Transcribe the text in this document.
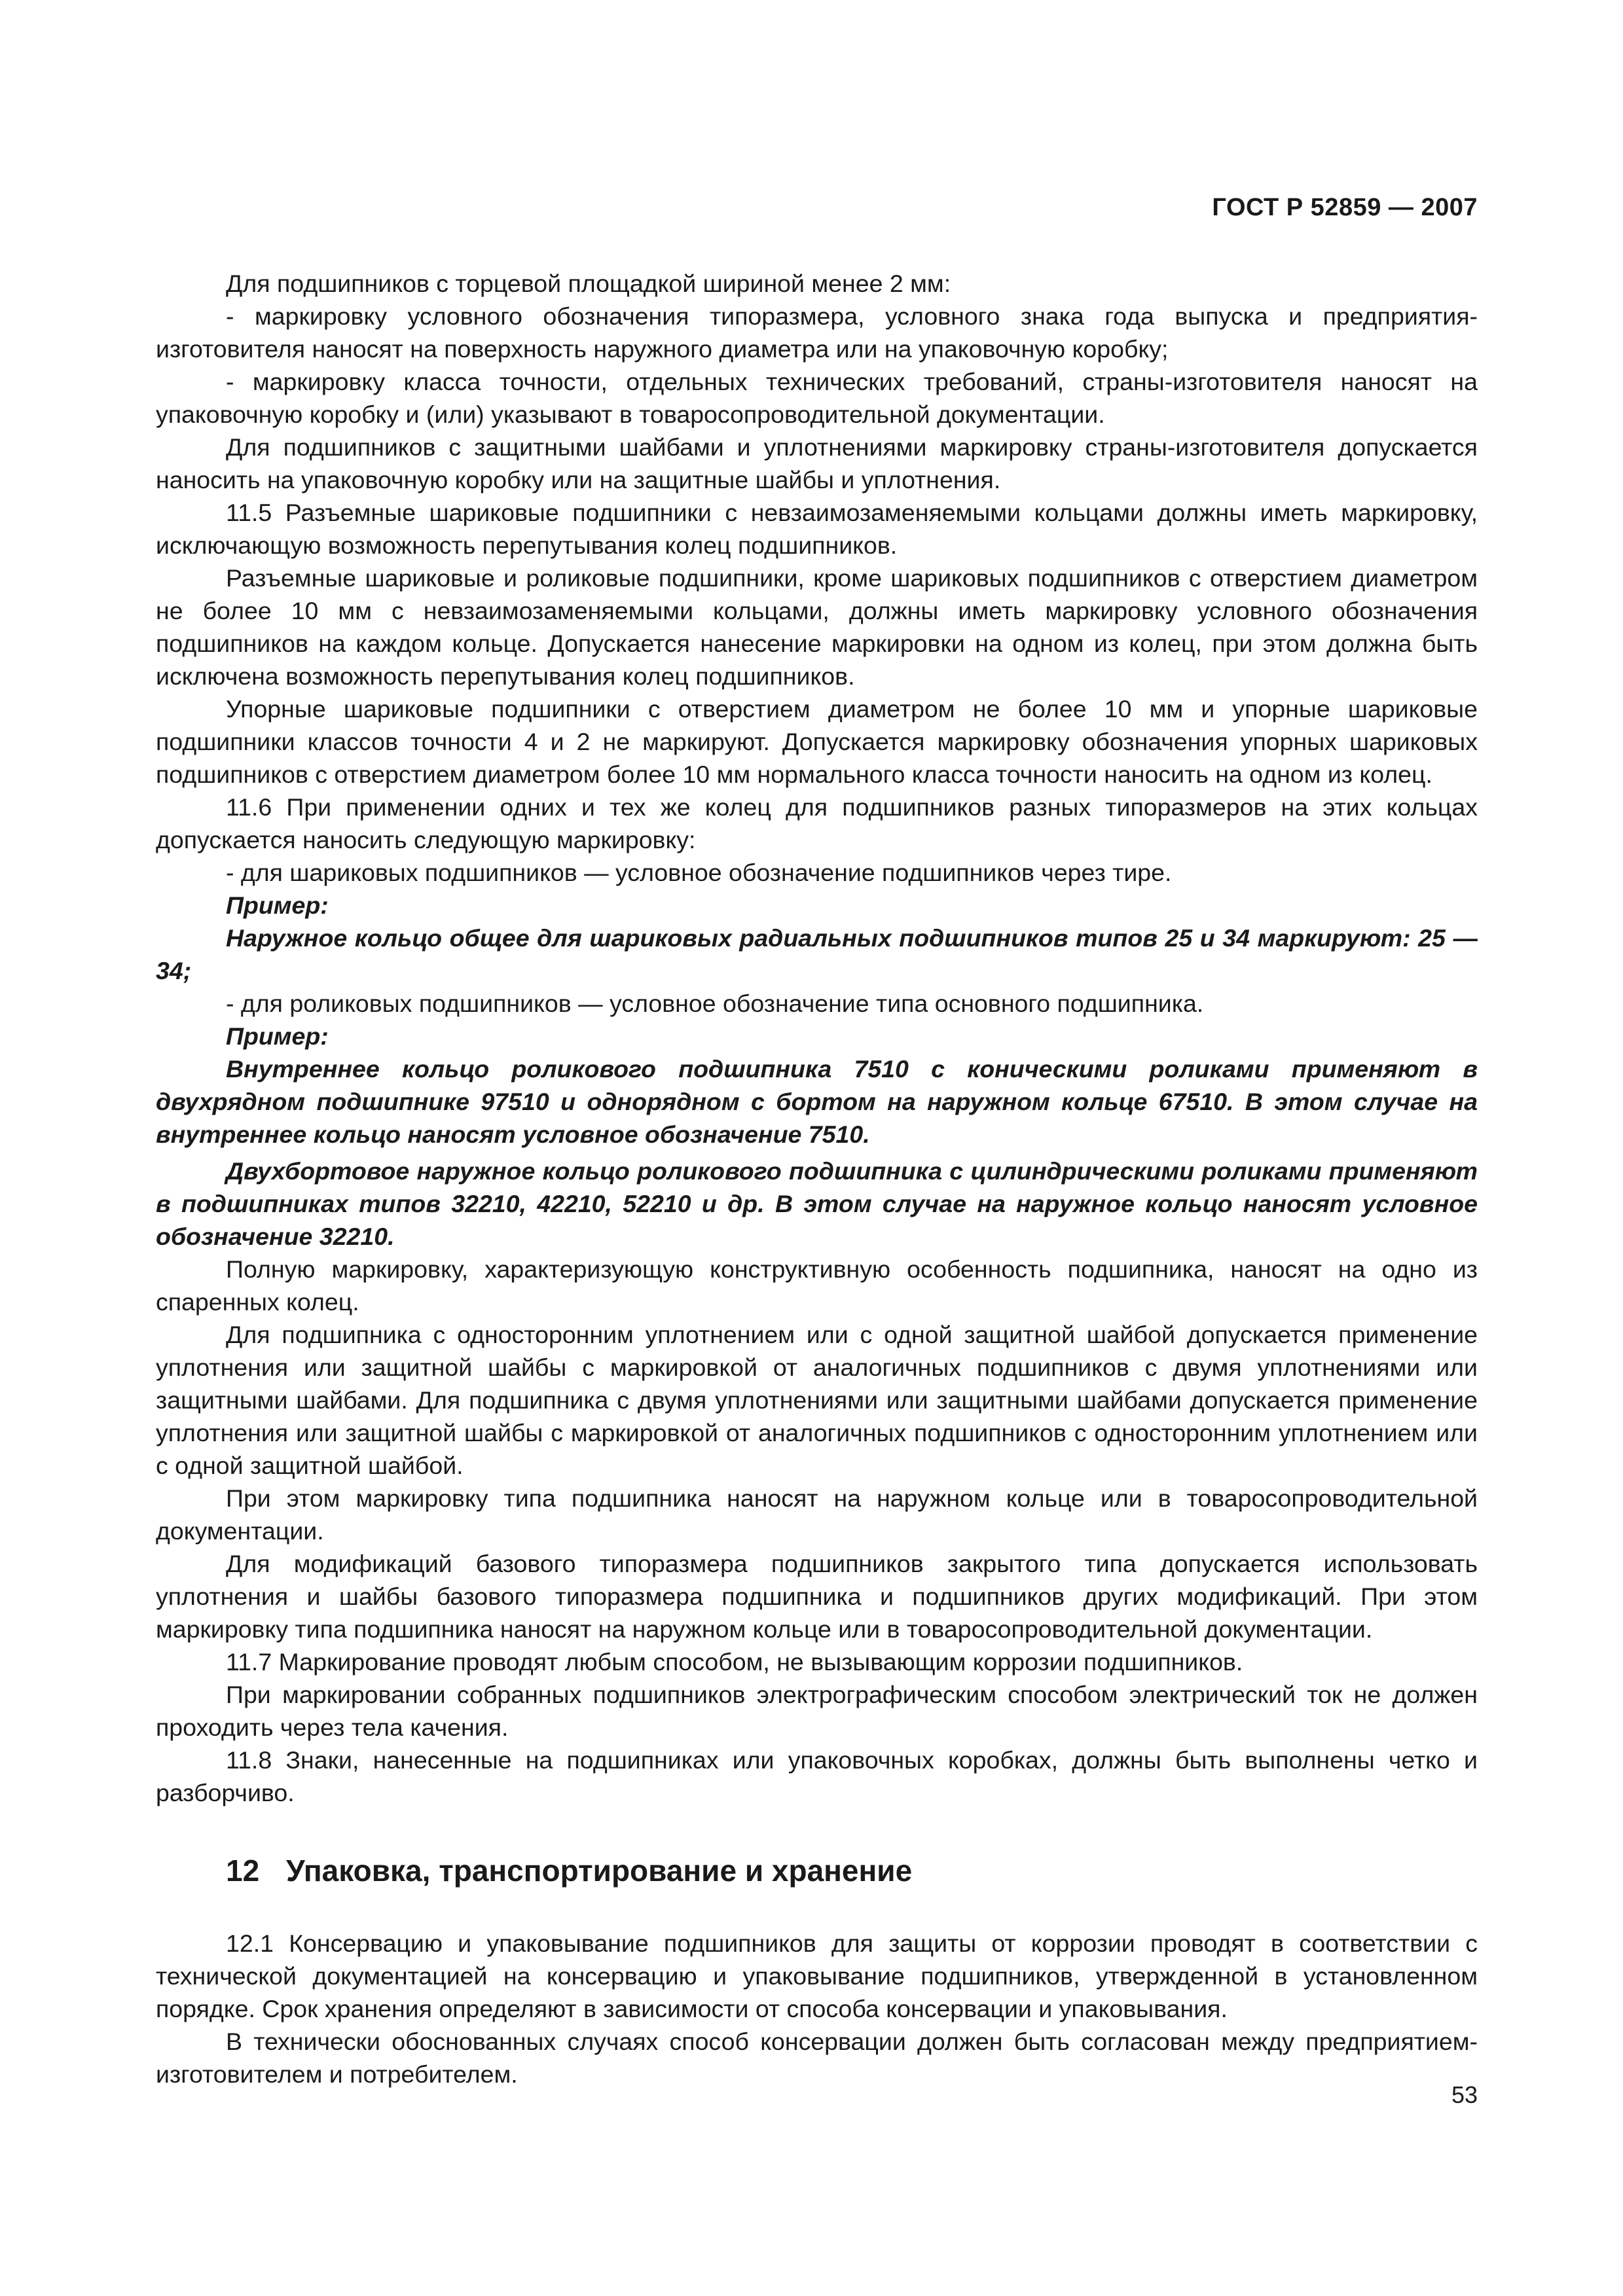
ГОСТ Р 52859 — 2007

Для подшипников с торцевой площадкой шириной менее 2 мм:

- маркировку условного обозначения типоразмера, условного знака года выпуска и предприятия-изготовителя наносят на поверхность наружного диаметра или на упаковочную коробку;

- маркировку класса точности, отдельных технических требований, страны-изготовителя наносят на упаковочную коробку и (или) указывают в товаросопроводительной документации.

Для подшипников с защитными шайбами и уплотнениями маркировку страны-изготовителя допускается наносить на упаковочную коробку или на защитные шайбы и уплотнения.

11.5 Разъемные шариковые подшипники с невзаимозаменяемыми кольцами должны иметь маркировку, исключающую возможность перепутывания колец подшипников.

Разъемные шариковые и роликовые подшипники, кроме шариковых подшипников с отверстием диаметром не более 10 мм с невзаимозаменяемыми кольцами, должны иметь маркировку условного обозначения подшипников на каждом кольце. Допускается нанесение маркировки на одном из колец, при этом должна быть исключена возможность перепутывания колец подшипников.

Упорные шариковые подшипники с отверстием диаметром не более 10 мм и упорные шариковые подшипники классов точности 4 и 2 не маркируют. Допускается маркировку обозначения упорных шариковых подшипников с отверстием диаметром более 10 мм нормального класса точности наносить на одном из колец.

11.6 При применении одних и тех же колец для подшипников разных типоразмеров на этих кольцах допускается наносить следующую маркировку:

- для шариковых подшипников — условное обозначение подшипников через тире.

Пример:

Наружное кольцо общее для шариковых радиальных подшипников типов 25 и 34 маркируют: 25 — 34;

- для роликовых подшипников — условное обозначение типа основного подшипника.

Пример:

Внутреннее кольцо роликового подшипника 7510 с коническими роликами применяют в двухрядном подшипнике 97510 и однорядном с бортом на наружном кольце 67510. В этом случае на внутреннее кольцо наносят условное обозначение 7510.

Двухбортовое наружное кольцо роликового подшипника с цилиндрическими роликами применяют в подшипниках типов 32210, 42210, 52210 и др. В этом случае на наружное кольцо наносят условное обозначение 32210.

Полную маркировку, характеризующую конструктивную особенность подшипника, наносят на одно из спаренных колец.

Для подшипника с односторонним уплотнением или с одной защитной шайбой допускается применение уплотнения или защитной шайбы с маркировкой от аналогичных подшипников с двумя уплотнениями или защитными шайбами. Для подшипника с двумя уплотнениями или защитными шайбами допускается применение уплотнения или защитной шайбы с маркировкой от аналогичных подшипников с односторонним уплотнением или с одной защитной шайбой.

При этом маркировку типа подшипника наносят на наружном кольце или в товаросопроводительной документации.

Для модификаций базового типоразмера подшипников закрытого типа допускается использовать уплотнения и шайбы базового типоразмера подшипника и подшипников других модификаций. При этом маркировку типа подшипника наносят на наружном кольце или в товаросопроводительной документации.

11.7 Маркирование проводят любым способом, не вызывающим коррозии подшипников.

При маркировании собранных подшипников электрографическим способом электрический ток не должен проходить через тела качения.

11.8 Знаки, нанесенные на подшипниках или упаковочных коробках, должны быть выполнены четко и разборчиво.

12 Упаковка, транспортирование и хранение

12.1 Консервацию и упаковывание подшипников для защиты от коррозии проводят в соответствии с технической документацией на консервацию и упаковывание подшипников, утвержденной в установленном порядке. Срок хранения определяют в зависимости от способа консервации и упаковывания.

В технически обоснованных случаях способ консервации должен быть согласован между предприятием-изготовителем и потребителем.

53
